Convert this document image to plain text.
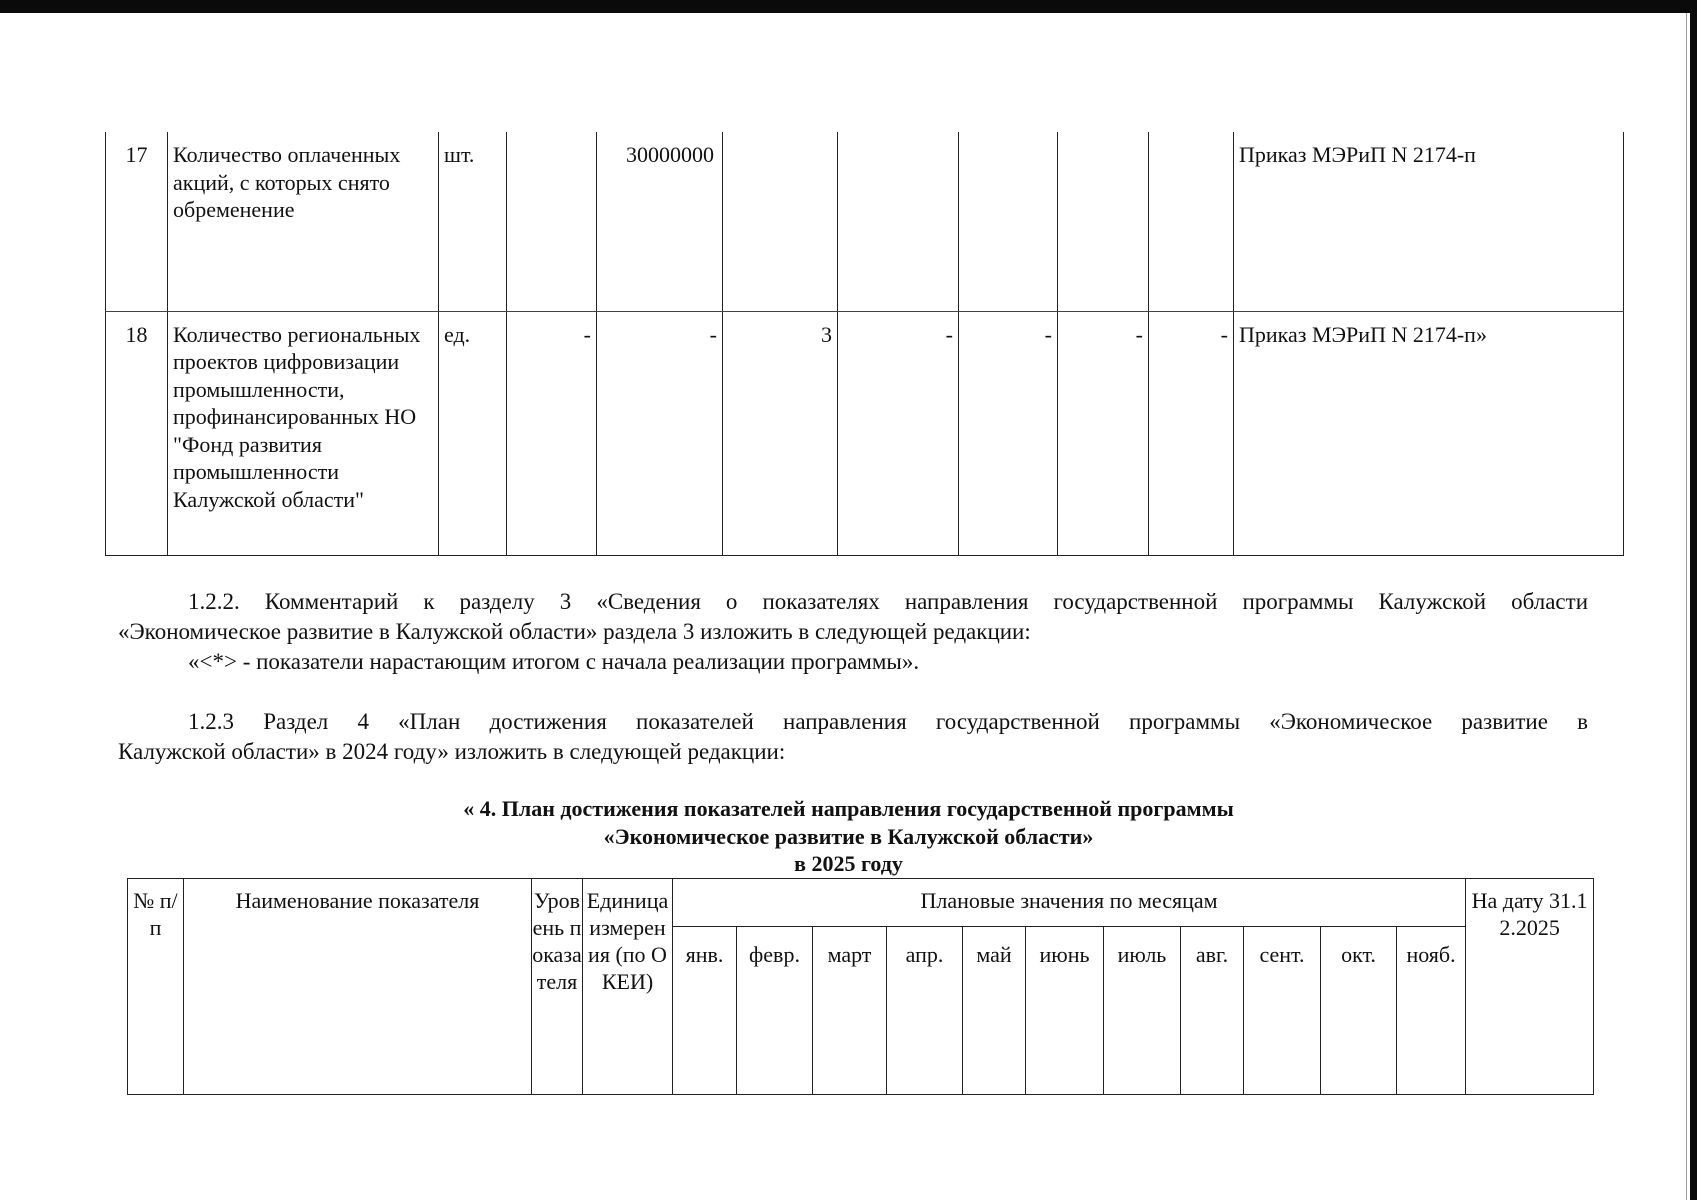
17	Количество оплаченных акций, с которых снято обременение	шт.		30000000						Приказ МЭРиП N 2174-п
18	Количество региональных проектов цифровизации промышленности, профинансированных НО "Фонд развития промышленности Калужской области"	ед.	-	-	3	-	-	-	-	Приказ МЭРиП N 2174-п»
1.2.2. Комментарий к разделу 3 «Сведения о показателях направления государственной программы Калужской области
«Экономическое развитие в Калужской области» раздела 3 изложить в следующей редакции:
«<*> - показатели нарастающим итогом с начала реализации программы».
1.2.3 Раздел 4 «План достижения показателей направления государственной программы «Экономическое развитие в
Калужской области» в 2024 году» изложить в следующей редакции:
« 4. План достижения показателей направления государственной программы
«Экономическое развитие в Калужской области»
в 2025 году
№ п/п	Наименование показателя	Уровень показателя	Единица измерения (по ОКЕИ)	Плановые значения по месяцам											На дату 31.12.2025
				янв.	февр.	март	апр.	май	июнь	июль	авг.	сент.	окт.	нояб.	
